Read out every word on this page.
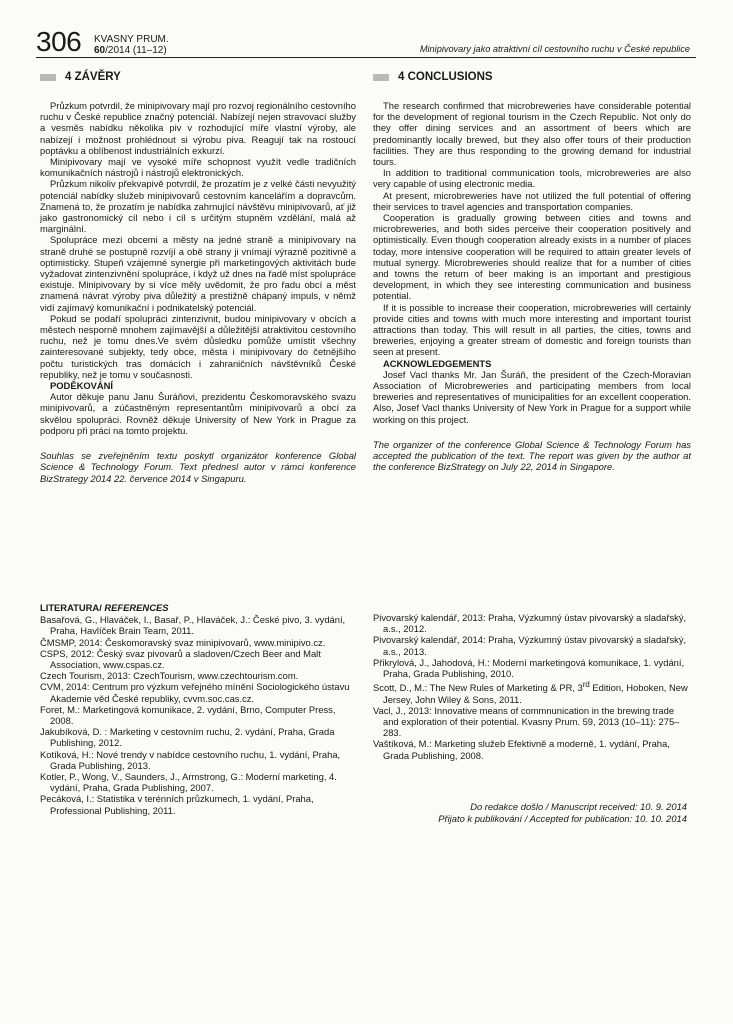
306 KVASNY PRUM.
60/2014 (11–12)	Minipivovary jako atraktivní cíl cestovního ruchu v České republice
4 ZÁVĚRY

Průzkum potvrdil, že minipivovary mají pro rozvoj regionálního cestovního ruchu v České republice značný potenciál. Nabízejí nejen stravovací služby a vesměs nabídku několika piv v rozhodující míře vlastní výroby, ale nabízejí i možnost prohlédnout si výrobu piva. Reagují tak na rostoucí poptávku a oblíbenost industriálních exkurzí.

Minipivovary mají ve vysoké míře schopnost využít vedle tradičních komunikačních nástrojů i nástrojů elektronických.

Průzkum nikoliv překvapivě potvrdil, že prozatím je z velké části nevyužitý potenciál nabídky služeb minipivovarů cestovním kancelářím a dopravcům. Znamená to, že prozatím je nabídka zahrnující návštěvu minipivovarů, ať již jako gastronomický cíl nebo i cíl s určitým stupněm vzdělání, malá až marginální.

Spolupráce mezi obcemi a městy na jedné straně a minipivovary na straně druhé se postupně rozvíjí a obě strany ji vnímají výrazně pozitivně a optimisticky. Stupeň vzájemné synergie při marketingových aktivitách bude vyžadovat zintenzivnění spolupráce, i když už dnes na řadě míst spolupráce existuje. Minipivovary by si více měly uvědomit, že pro řadu obcí a měst znamená návrat výroby piva důležitý a prestižně chápaný impuls, v němž vidí zajímavý komunikační i podnikatelský potenciál.

Pokud se podaří spolupráci zintenzivnit, budou minipivovary v obcích a městech nesporně mnohem zajímavější a důležitější atraktivitou cestovního ruchu, než je tomu dnes.Ve svém důsledku pomůže umístit všechny zainteresované subjekty, tedy obce, města i minipivovary do četnějšího počtu turistických tras domácích i zahraničních návštěvníků České republiky, než je tomu v současnosti.

PODĚKOVÁNÍ

Autor děkuje panu Janu Šuráňovi, prezidentu Českomoravského svazu minipivovarů, a zúčastněným representantům minipivovarů a obcí za skvělou spolupráci. Rovněž děkuje University of New York in Prague za podporu při práci na tomto projektu.

Souhlas se zveřejněním textu poskytl organizátor konference Global Science & Technology Forum. Text přednesl autor v rámci konference BizStrategy 2014 22. července 2014 v Singapuru.

4 CONCLUSIONS

The research confirmed that microbreweries have considerable potential for the development of regional tourism in the Czech Republic. Not only do they offer dining services and an assortment of beers which are predominantly locally brewed, but they also offer tours of their production facilities. They are thus responding to the growing demand for industrial tours.

In addition to traditional communication tools, microbreweries are also very capable of using electronic media.

At present, microbreweries have not utilized the full potential of offering their services to travel agencies and transportation companies.

Cooperation is gradually growing between cities and towns and microbreweries, and both sides perceive their cooperation positively and optimistically. Even though cooperation already exists in a number of places today, more intensive cooperation will be required to attain greater levels of mutual synergy. Microbreweries should realize that for a number of cities and towns the return of beer making is an important and prestigious development, in which they see interesting communication and business potential.

If it is possible to increase their cooperation, microbreweries will certainly provide cities and towns with much more interesting and important tourist attractions than today. This will result in all parties, the cities, towns and breweries, enjoying a greater stream of domestic and foreign tourists than seen at present.

ACKNOWLEDGEMENTS

Josef Vacl thanks Mr. Jan Šuráň, the president of the Czech-Moravian Association of Microbreweries and participating members from local breweries and representatives of municipalities for an excellent cooperation. Also, Josef Vacl thanks University of New York in Prague for a support while working on this project.

The organizer of the conference Global Science & Technology Forum has accepted the publication of the text. The report was given by the author at the conference BizStrategy on July 22, 2014 in Singapore.

LITERATURA/ REFERENCES

Basařová, G., Hlaváček, I., Basař, P., Hlaváček, J.: České pivo, 3. vydání, Praha, Havlíček Brain Team, 2011.

ČMSMP, 2014: Českomoravský svaz minipivovarů, www.minipivo.cz.

CSPS, 2012: Český svaz pivovarů a sladoven/Czech Beer and Malt Association, www.cspas.cz.

Czech Tourism, 2013: CzechTourism, www.czechtourism.com.

CVM, 2014: Centrum pro výzkum veřejného mínění Sociologického ústavu Akademie věd České republiky, cvvm.soc.cas.cz.

Foret, M.: Marketingová komunikace, 2. vydání, Brno, Computer Press, 2008.

Jakubíková, D. : Marketing v cestovním ruchu, 2. vydání, Praha, Grada Publishing, 2012.

Kotíková, H.: Nové trendy v nabídce cestovního ruchu, 1. vydání, Praha, Grada Publishing, 2013.

Kotler, P., Wong, V., Saunders, J., Armstrong, G.: Moderní marketing, 4. vydání, Praha, Grada Publishing, 2007.

Pecáková, I.: Statistika v terénních průzkumech, 1. vydání, Praha, Professional Publishing, 2011.

Pivovarský kalendář, 2013: Praha, Výzkumný ústav pivovarský a sladařský, a.s., 2012.

Pivovarský kalendář, 2014: Praha, Výzkumný ústav pivovarský a sladařský, a.s., 2013.

Přikrylová, J., Jahodová, H.: Moderní marketingová komunikace, 1. vydání, Praha, Grada Publishing, 2010.

Scott, D., M.: The New Rules of Marketing & PR, 3rd Edition, Hoboken, New Jersey, John Wiley & Sons, 2011.

Vacl, J., 2013: Innovative means of commnunication in the brewing trade and exploration of their potential. Kvasny Prum. 59, 2013 (10–11): 275–283.

Vaštíková, M.: Marketing služeb Efektivně a moderně, 1. vydání, Praha, Grada Publishing, 2008.

Do redakce došlo / Manuscript received: 10. 9. 2014
Přijato k publikování / Accepted for publication: 10. 10. 2014
